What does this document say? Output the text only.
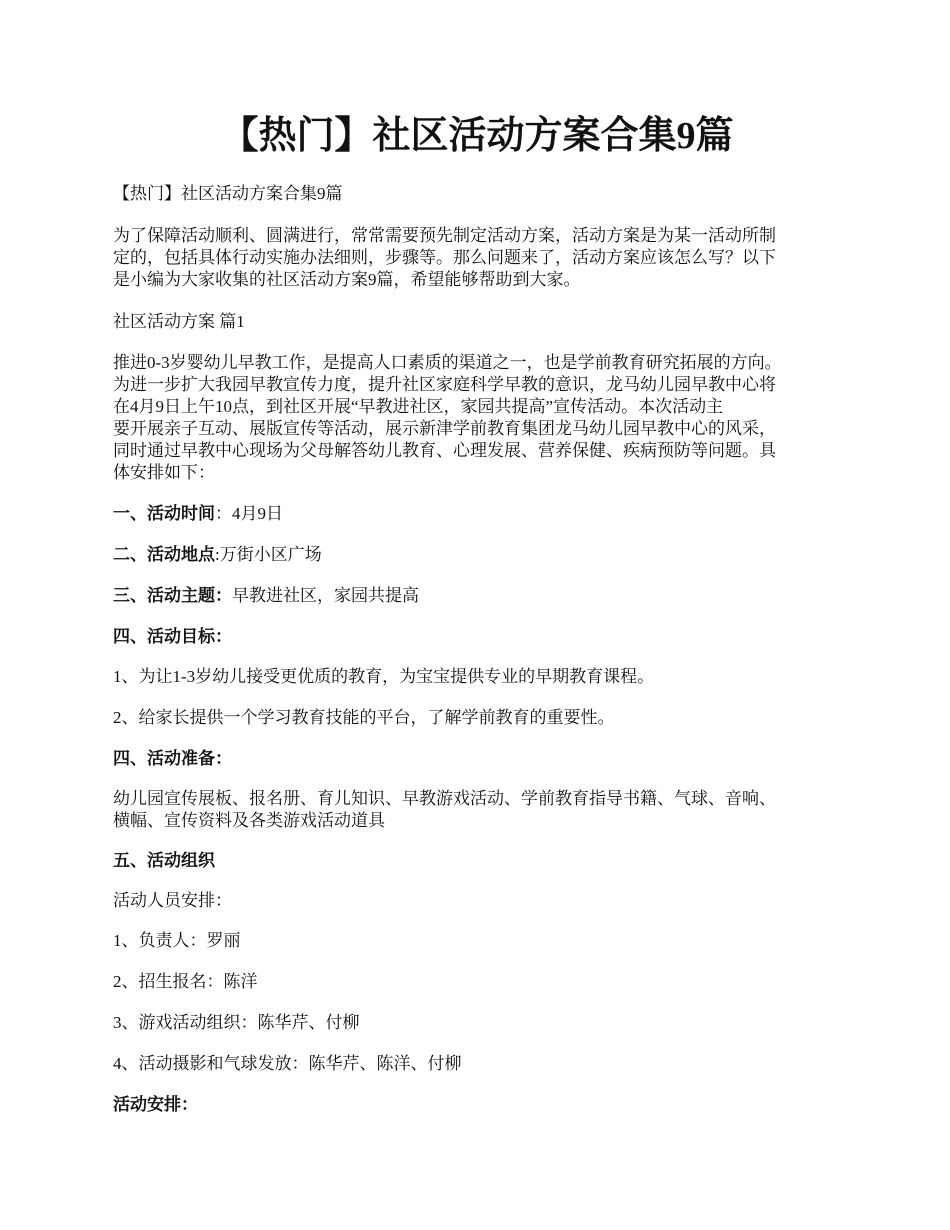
【热门】社区活动方案合集9篇

【热门】社区活动方案合集9篇

为了保障活动顺利、圆满进行，常常需要预先制定活动方案，活动方案是为某一活动所制

定的，包括具体行动实施办法细则，步骤等。那么问题来了，活动方案应该怎么写？以下

是小编为大家收集的社区活动方案9篇，希望能够帮助到大家。

社区活动方案 篇1

推进0-3岁婴幼儿早教工作，是提高人口素质的渠道之一，也是学前教育研究拓展的方向。

为进一步扩大我园早教宣传力度，提升社区家庭科学早教的意识，龙马幼儿园早教中心将

在4月9日上午10点，到社区开展“早教进社区，家园共提高”宣传活动。本次活动主

要开展亲子互动、展版宣传等活动，展示新津学前教育集团龙马幼儿园早教中心的风采，

同时通过早教中心现场为父母解答幼儿教育、心理发展、营养保健、疾病预防等问题。具

体安排如下：

一、活动时间：4月9日

二、活动地点:万街小区广场

三、活动主题：早教进社区，家园共提高

四、活动目标：

1、为让1-3岁幼儿接受更优质的教育，为宝宝提供专业的早期教育课程。

2、给家长提供一个学习教育技能的平台，了解学前教育的重要性。

四、活动准备：

幼儿园宣传展板、报名册、育儿知识、早教游戏活动、学前教育指导书籍、气球、音响、

横幅、宣传资料及各类游戏活动道具

五、活动组织

活动人员安排：

1、负责人：罗丽

2、招生报名：陈洋

3、游戏活动组织：陈华芹、付柳

4、活动摄影和气球发放：陈华芹、陈洋、付柳

活动安排：
